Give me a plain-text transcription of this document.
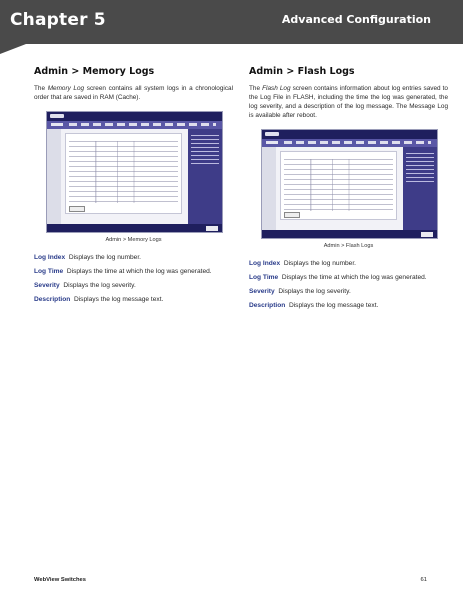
Chapter 5	Advanced Configuration
Admin > Memory Logs

The Memory Log screen contains all system logs in a chronological order that are saved in RAM (Cache).

Admin > Memory Logs

Log Index Displays the log number.

Log Time Displays the time at which the log was generated.

Severity Displays the log severity.

Description Displays the log message text.

Admin > Flash Logs

The Flash Log screen contains information about log entries saved to the Log File in FLASH, including the time the log was generated, the log severity, and a description of the log message. The Message Log is available after reboot.

Admin > Flash Logs

Log Index Displays the log number.

Log Time Displays the time at which the log was generated.

Severity Displays the log severity.

Description Displays the log message text.

WebView Switches	61
